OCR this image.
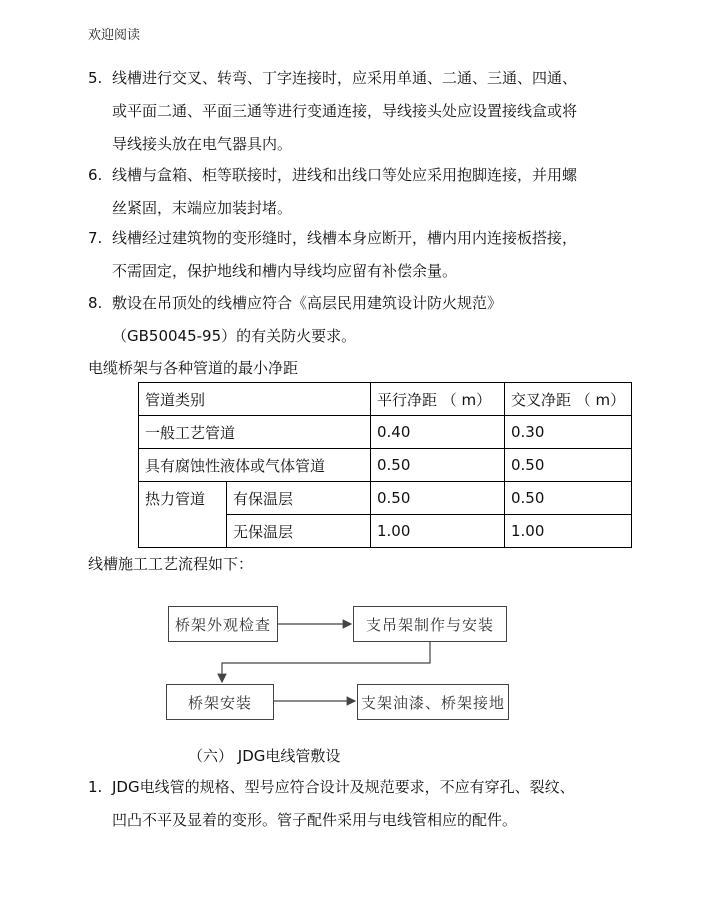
欢迎阅读
5. 线槽进行交叉、转弯、丁字连接时，应采用单通、二通、三通、四通、
或平面二通、平面三通等进行变通连接，导线接头处应设置接线盒或将
导线接头放在电气器具内。
6. 线槽与盒箱、柜等联接时，进线和出线口等处应采用抱脚连接，并用螺
丝紧固，末端应加装封堵。
7. 线槽经过建筑物的变形缝时，线槽本身应断开，槽内用内连接板搭接，
不需固定，保护地线和槽内导线均应留有补偿余量。
8. 敷设在吊顶处的线槽应符合《高层民用建筑设计防火规范》
（GB50045-95）的有关防火要求。
电缆桥架与各种管道的最小净距
管道类别		平行净距 （ m）	交叉净距 （ m）
一般工艺管道		0.40	0.30
具有腐蚀性液体或气体管道		0.50	0.50
热力管道	有保温层	0.50	0.50
	无保温层	1.00	1.00
线槽施工工艺流程如下：
桥架外观检查	支吊架制作与安装
桥架安装	支架油漆、桥架接地
（六） JDG电线管敷设
1. JDG电线管的规格、型号应符合设计及规范要求，不应有穿孔、裂纹、
凹凸不平及显着的变形。管子配件采用与电线管相应的配件。
